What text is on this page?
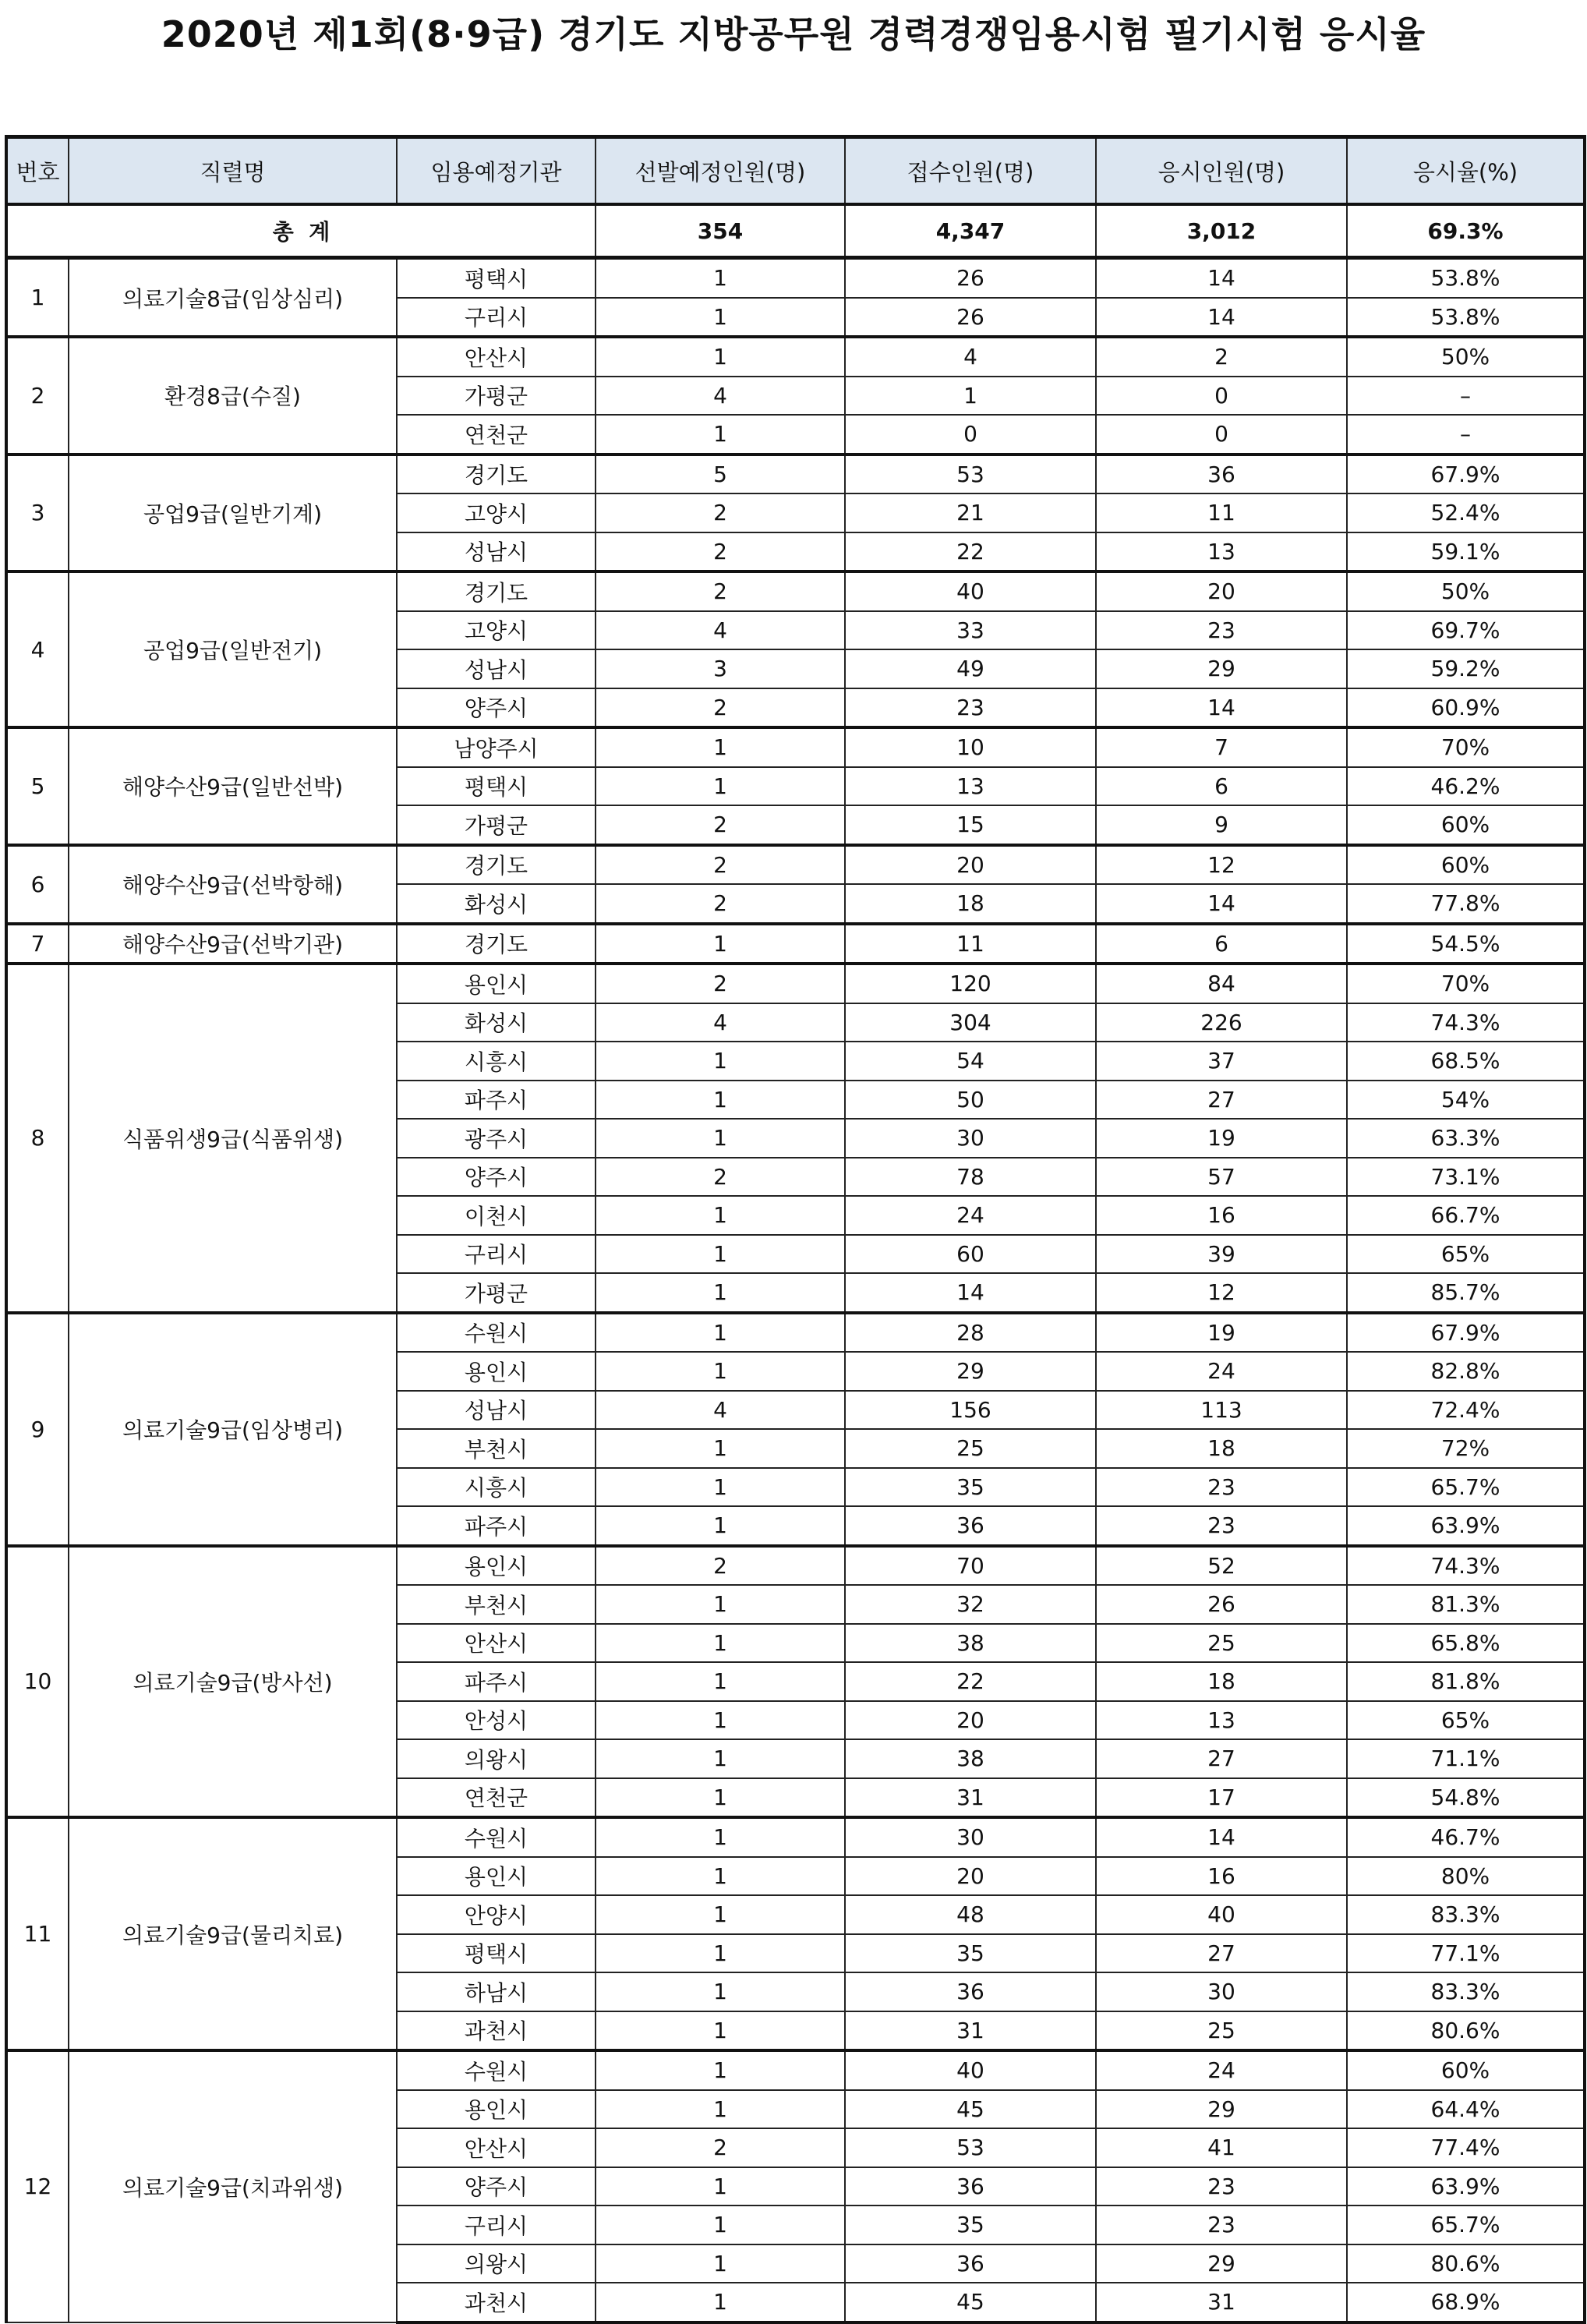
2020년 제1회(8·9급) 경기도 지방공무원 경력경쟁임용시험 필기시험 응시율
번호	직렬명	임용예정기관	선발예정인원(명)	접수인원(명)	응시인원(명)	응시율(%)
총  계			354	4,347	3,012	69.3%
1	의료기술8급(임상심리)	평택시	1	26	14	53.8%
		구리시	1	26	14	53.8%
2	환경8급(수질)	안산시	1	4	2	50%
		가평군	4	1	0	–
		연천군	1	0	0	–
3	공업9급(일반기계)	경기도	5	53	36	67.9%
		고양시	2	21	11	52.4%
		성남시	2	22	13	59.1%
4	공업9급(일반전기)	경기도	2	40	20	50%
		고양시	4	33	23	69.7%
		성남시	3	49	29	59.2%
		양주시	2	23	14	60.9%
5	해양수산9급(일반선박)	남양주시	1	10	7	70%
		평택시	1	13	6	46.2%
		가평군	2	15	9	60%
6	해양수산9급(선박항해)	경기도	2	20	12	60%
		화성시	2	18	14	77.8%
7	해양수산9급(선박기관)	경기도	1	11	6	54.5%
8	식품위생9급(식품위생)	용인시	2	120	84	70%
		화성시	4	304	226	74.3%
		시흥시	1	54	37	68.5%
		파주시	1	50	27	54%
		광주시	1	30	19	63.3%
		양주시	2	78	57	73.1%
		이천시	1	24	16	66.7%
		구리시	1	60	39	65%
		가평군	1	14	12	85.7%
9	의료기술9급(임상병리)	수원시	1	28	19	67.9%
		용인시	1	29	24	82.8%
		성남시	4	156	113	72.4%
		부천시	1	25	18	72%
		시흥시	1	35	23	65.7%
		파주시	1	36	23	63.9%
10	의료기술9급(방사선)	용인시	2	70	52	74.3%
		부천시	1	32	26	81.3%
		안산시	1	38	25	65.8%
		파주시	1	22	18	81.8%
		안성시	1	20	13	65%
		의왕시	1	38	27	71.1%
		연천군	1	31	17	54.8%
11	의료기술9급(물리치료)	수원시	1	30	14	46.7%
		용인시	1	20	16	80%
		안양시	1	48	40	83.3%
		평택시	1	35	27	77.1%
		하남시	1	36	30	83.3%
		과천시	1	31	25	80.6%
12	의료기술9급(치과위생)	수원시	1	40	24	60%
		용인시	1	45	29	64.4%
		안산시	2	53	41	77.4%
		양주시	1	36	23	63.9%
		구리시	1	35	23	65.7%
		의왕시	1	36	29	80.6%
		과천시	1	45	31	68.9%
